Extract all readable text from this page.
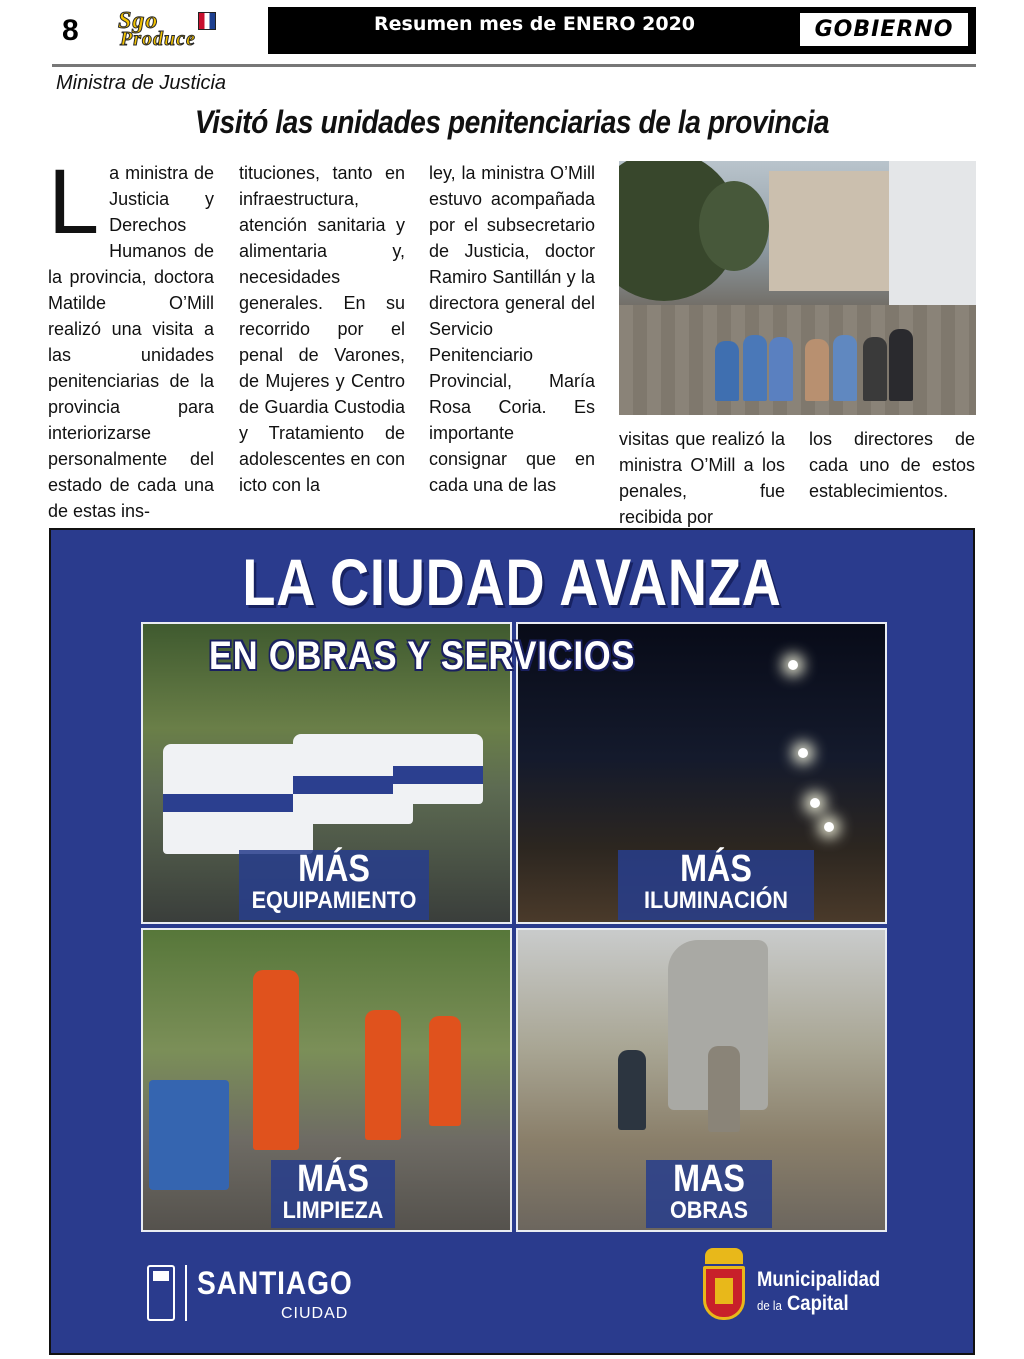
8 Sgo
Produce
Resumen mes de ENERO 2020	GOBIERNO
Ministra de Justicia
Visitó las unidades penitenciarias de la provincia
La ministra de Justicia y Derechos Humanos de la provincia, doctora Matilde O’Mill realizó una visita a las unidades penitenciarias de la provincia para interiorizarse personalmente del estado de cada una de estas ins-
tituciones, tanto en infraestructura, atención sanitaria y alimentaria y, necesidades generales. En su recorrido por el penal de Varones, de Mujeres y Centro de Guardia Custodia y Tratamiento de adolescentes en con icto con la
ley, la ministra O’Mill estuvo acompañada por el subsecretario de Justicia, doctor Ramiro Santillán y la directora general del Servicio Penitenciario Provincial, María Rosa Coria. Es importante consignar que en cada una de las
visitas que realizó la ministra O’Mill a los penales, fue recibida por
los directores de cada uno de estos establecimientos.
LA CIUDAD AVANZA
MÁS
EQUIPAMIENTO
MÁS
ILUMINACIÓN
MÁS
LIMPIEZA
MAS
OBRAS
EN OBRAS Y SERVICIOS
SANTIAGO
CIUDAD
Municipalidad
de la Capital
